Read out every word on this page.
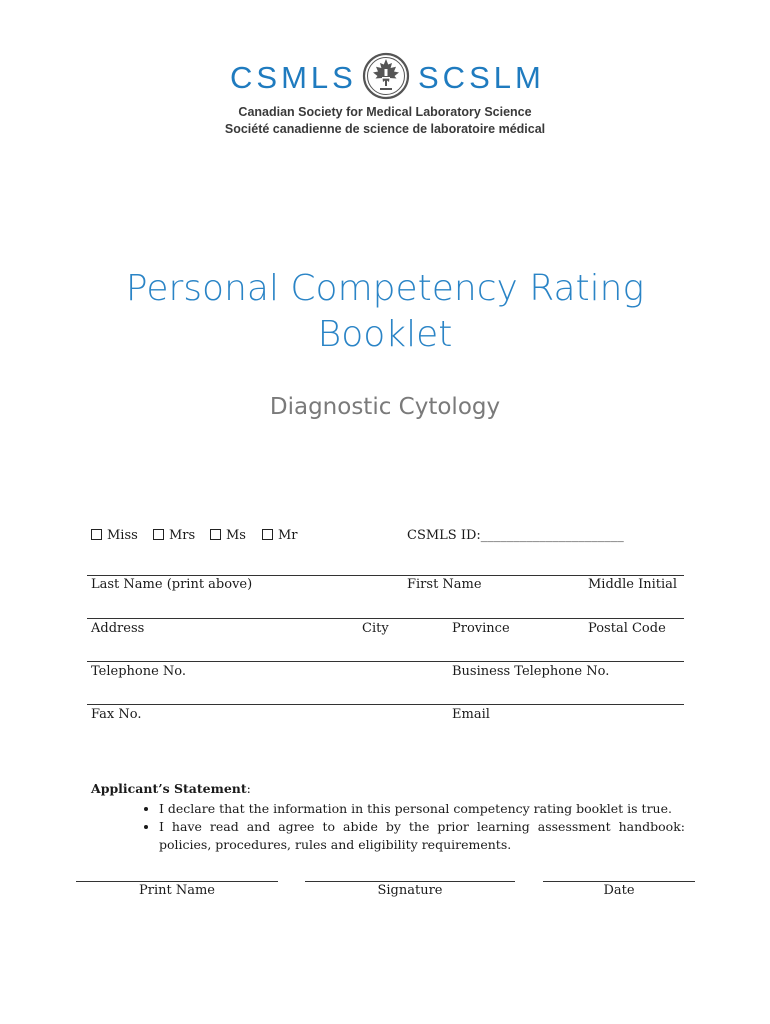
CSMLS SCSLM
Canadian Society for Medical Laboratory Science
Société canadienne de science de laboratoire médical
Personal Competency Rating
Booklet
Diagnostic Cytology
Miss	Mrs	Ms	Mr	CSMLS ID:______________________
Last Name (print above)	First Name	Middle Initial
Address	City	Province	Postal Code
Telephone No.	Business Telephone No.
Fax No.	Email
Applicant’s Statement:
• I declare that the information in this personal competency rating booklet is true.
• I have read and agree to abide by the prior learning assessment handbook: policies, procedures, rules and eligibility requirements.
Print Name	Signature	Date
